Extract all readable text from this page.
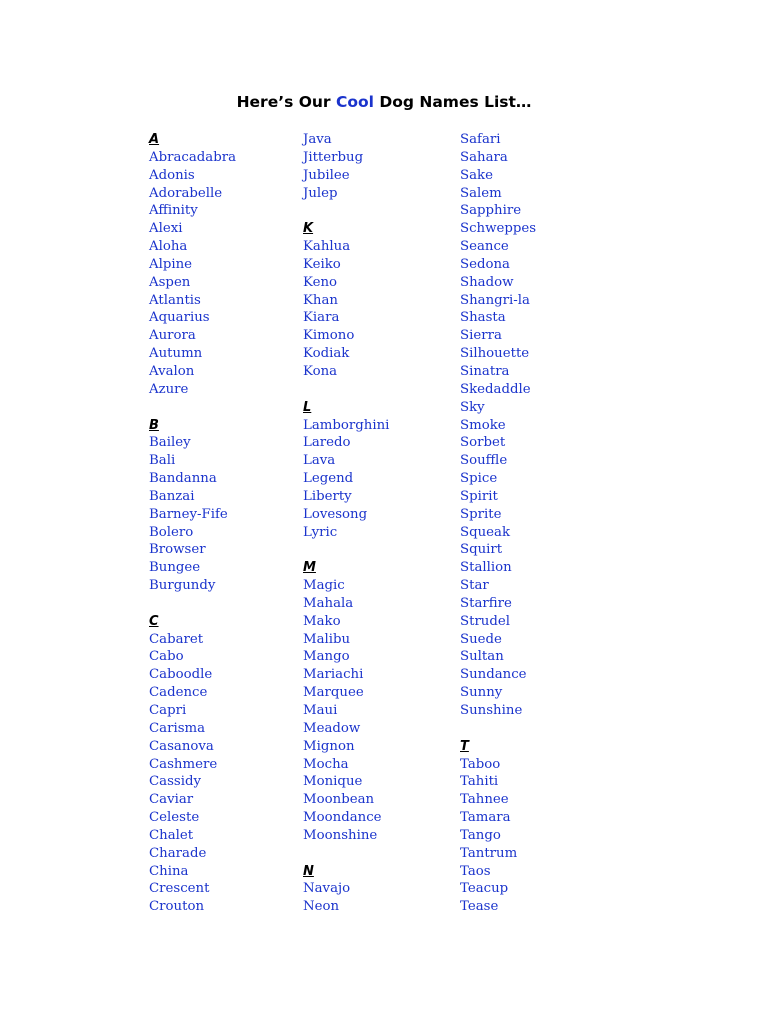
Here’s Our Cool Dog Names List…
A
Abracadabra
Adonis
Adorabelle
Affinity
Alexi
Aloha
Alpine
Aspen
Atlantis
Aquarius
Aurora
Autumn
Avalon
Azure
B
Bailey
Bali
Bandanna
Banzai
Barney-Fife
Bolero
Browser
Bungee
Burgundy
C
Cabaret
Cabo
Caboodle
Cadence
Capri
Carisma
Casanova
Cashmere
Cassidy
Caviar
Celeste
Chalet
Charade
China
Crescent
Crouton
Java
Jitterbug
Jubilee
Julep
K
Kahlua
Keiko
Keno
Khan
Kiara
Kimono
Kodiak
Kona
L
Lamborghini
Laredo
Lava
Legend
Liberty
Lovesong
Lyric
M
Magic
Mahala
Mako
Malibu
Mango
Mariachi
Marquee
Maui
Meadow
Mignon
Mocha
Monique
Moonbean
Moondance
Moonshine
N
Navajo
Neon
Safari
Sahara
Sake
Salem
Sapphire
Schweppes
Seance
Sedona
Shadow
Shangri-la
Shasta
Sierra
Silhouette
Sinatra
Skedaddle
Sky
Smoke
Sorbet
Souffle
Spice
Spirit
Sprite
Squeak
Squirt
Stallion
Star
Starfire
Strudel
Suede
Sultan
Sundance
Sunny
Sunshine
T
Taboo
Tahiti
Tahnee
Tamara
Tango
Tantrum
Taos
Teacup
Tease
